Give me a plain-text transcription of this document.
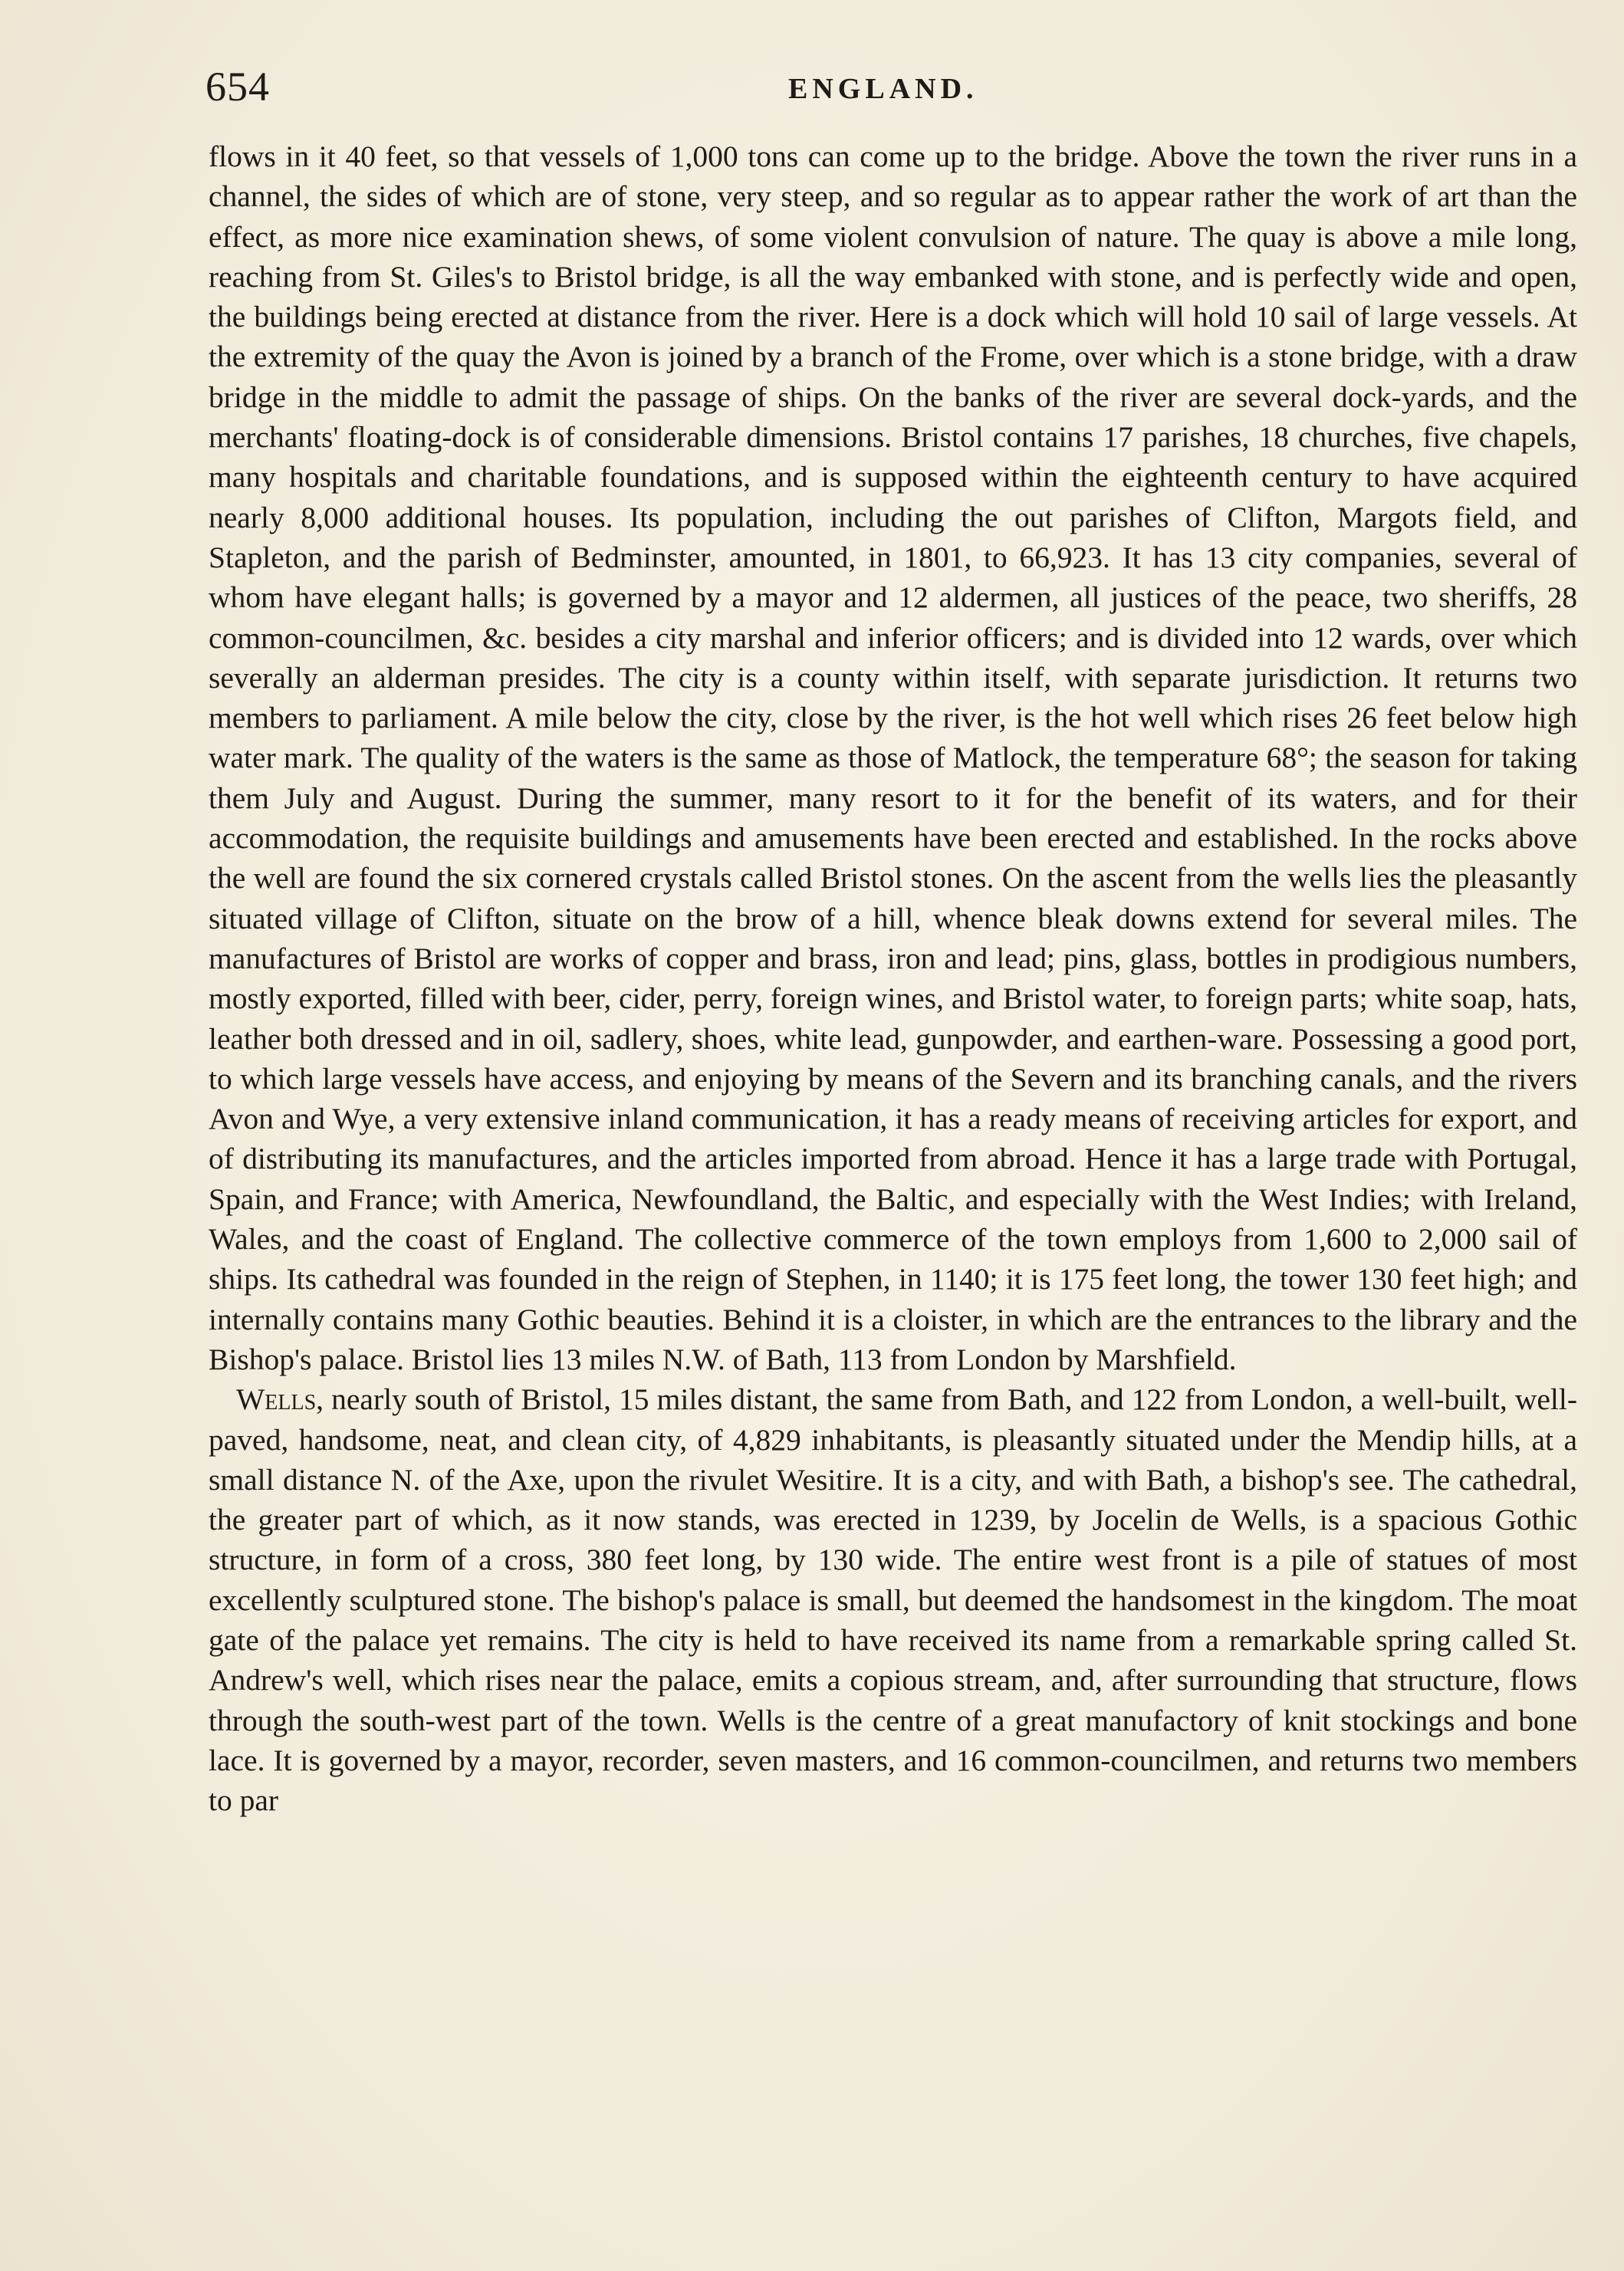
654	ENGLAND.

flows in it 40 feet, so that vessels of 1,000 tons can come up to the bridge. Above the town the river runs in a channel, the sides of which are of stone, very steep, and so regular as to appear rather the work of art than the effect, as more nice examination shews, of some violent convulsion of nature. The quay is above a mile long, reaching from St. Giles's to Bristol bridge, is all the way embanked with stone, and is perfectly wide and open, the buildings being erected at distance from the river. Here is a dock which will hold 10 sail of large vessels. At the extremity of the quay the Avon is joined by a branch of the Frome, over which is a stone bridge, with a draw bridge in the middle to admit the passage of ships. On the banks of the river are several dock-yards, and the merchants' floating-dock is of considerable dimensions. Bristol contains 17 parishes, 18 churches, five chapels, many hospitals and charitable foundations, and is supposed within the eighteenth century to have acquired nearly 8,000 additional houses. Its population, including the out parishes of Clifton, Margots field, and Stapleton, and the parish of Bedminster, amounted, in 1801, to 66,923. It has 13 city companies, several of whom have elegant halls; is governed by a mayor and 12 aldermen, all justices of the peace, two sheriffs, 28 common-councilmen, &c. besides a city marshal and inferior officers; and is divided into 12 wards, over which severally an alderman presides. The city is a county within itself, with separate jurisdiction. It returns two members to parliament. A mile below the city, close by the river, is the hot well which rises 26 feet below high water mark. The quality of the waters is the same as those of Matlock, the temperature 68°; the season for taking them July and August. During the summer, many resort to it for the benefit of its waters, and for their accommodation, the requisite buildings and amusements have been erected and established. In the rocks above the well are found the six cornered crystals called Bristol stones. On the ascent from the wells lies the pleasantly situated village of Clifton, situate on the brow of a hill, whence bleak downs extend for several miles. The manufactures of Bristol are works of copper and brass, iron and lead; pins, glass, bottles in prodigious numbers, mostly exported, filled with beer, cider, perry, foreign wines, and Bristol water, to foreign parts; white soap, hats, leather both dressed and in oil, sadlery, shoes, white lead, gunpowder, and earthen-ware. Possessing a good port, to which large vessels have access, and enjoying by means of the Severn and its branching canals, and the rivers Avon and Wye, a very extensive inland communication, it has a ready means of receiving articles for export, and of distributing its manufactures, and the articles imported from abroad. Hence it has a large trade with Portugal, Spain, and France; with America, Newfoundland, the Baltic, and especially with the West Indies; with Ireland, Wales, and the coast of England. The collective commerce of the town employs from 1,600 to 2,000 sail of ships. Its cathedral was founded in the reign of Stephen, in 1140; it is 175 feet long, the tower 130 feet high; and internally contains many Gothic beauties. Behind it is a cloister, in which are the entrances to the library and the Bishop's palace. Bristol lies 13 miles N.W. of Bath, 113 from London by Marshfield.

Wells, nearly south of Bristol, 15 miles distant, the same from Bath, and 122 from London, a well-built, well-paved, handsome, neat, and clean city, of 4,829 inhabitants, is pleasantly situated under the Mendip hills, at a small distance N. of the Axe, upon the rivulet Wesitire. It is a city, and with Bath, a bishop's see. The cathedral, the greater part of which, as it now stands, was erected in 1239, by Jocelin de Wells, is a spacious Gothic structure, in form of a cross, 380 feet long, by 130 wide. The entire west front is a pile of statues of most excellently sculptured stone. The bishop's palace is small, but deemed the handsomest in the kingdom. The moat gate of the palace yet remains. The city is held to have received its name from a remarkable spring called St. Andrew's well, which rises near the palace, emits a copious stream, and, after surrounding that structure, flows through the south-west part of the town. Wells is the centre of a great manufactory of knit stockings and bone lace. It is governed by a mayor, recorder, seven masters, and 16 common-councilmen, and returns two members to par
